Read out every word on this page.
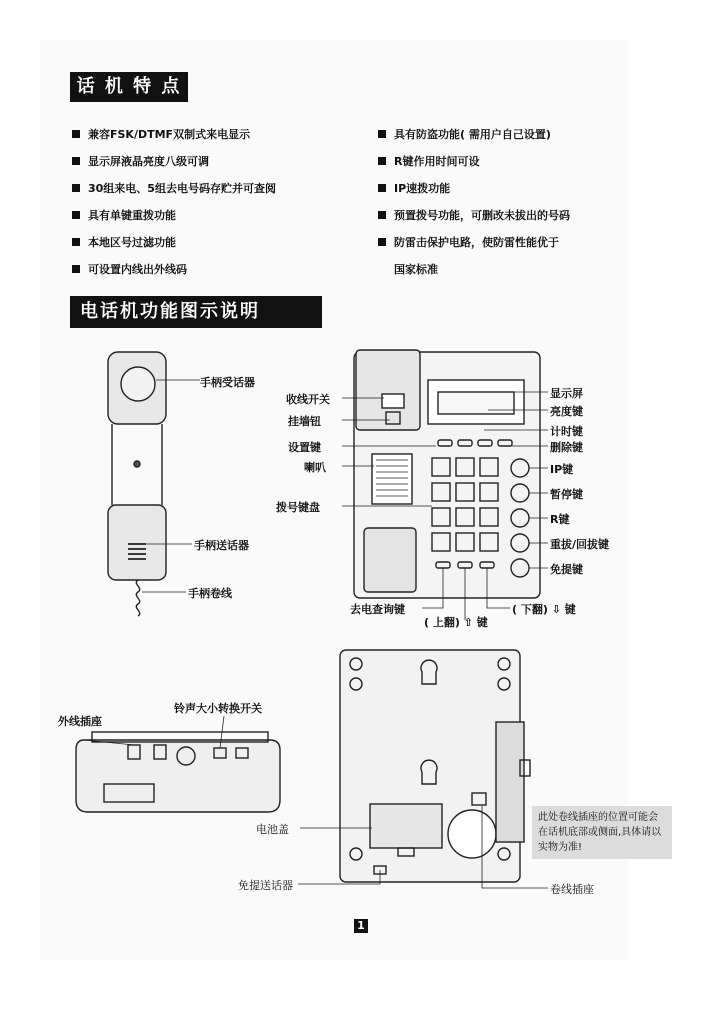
话 机 特 点
电话机功能图示说明
兼容FSK/DTMF双制式来电显示
显示屏液晶亮度八级可调
30组来电、5组去电号码存贮并可查阅
具有单键重拨功能
本地区号过滤功能
可设置内线出外线码
具有防盗功能( 需用户自己设置)
R键作用时间可设
IP速拨功能
预置拨号功能，可删改未拔出的号码
防雷击保护电路，使防雷性能优于
国家标准
手柄受话器
手柄送话器
手柄卷线
收线开关
挂墙钮
设置键
喇叭
拨号键盘
显示屏
亮度键
计时键
删除键
IP键
暂停键
R键
重拔/回拔键
免提键
去电查询键
( 上翻) ⇧ 键
( 下翻) ⇩ 键
外线插座
铃声大小转换开关
电池盖
免提送话器	卷线插座
此处卷线插座的位置可能会在话机底部或侧面,具体请以实物为准!
1
